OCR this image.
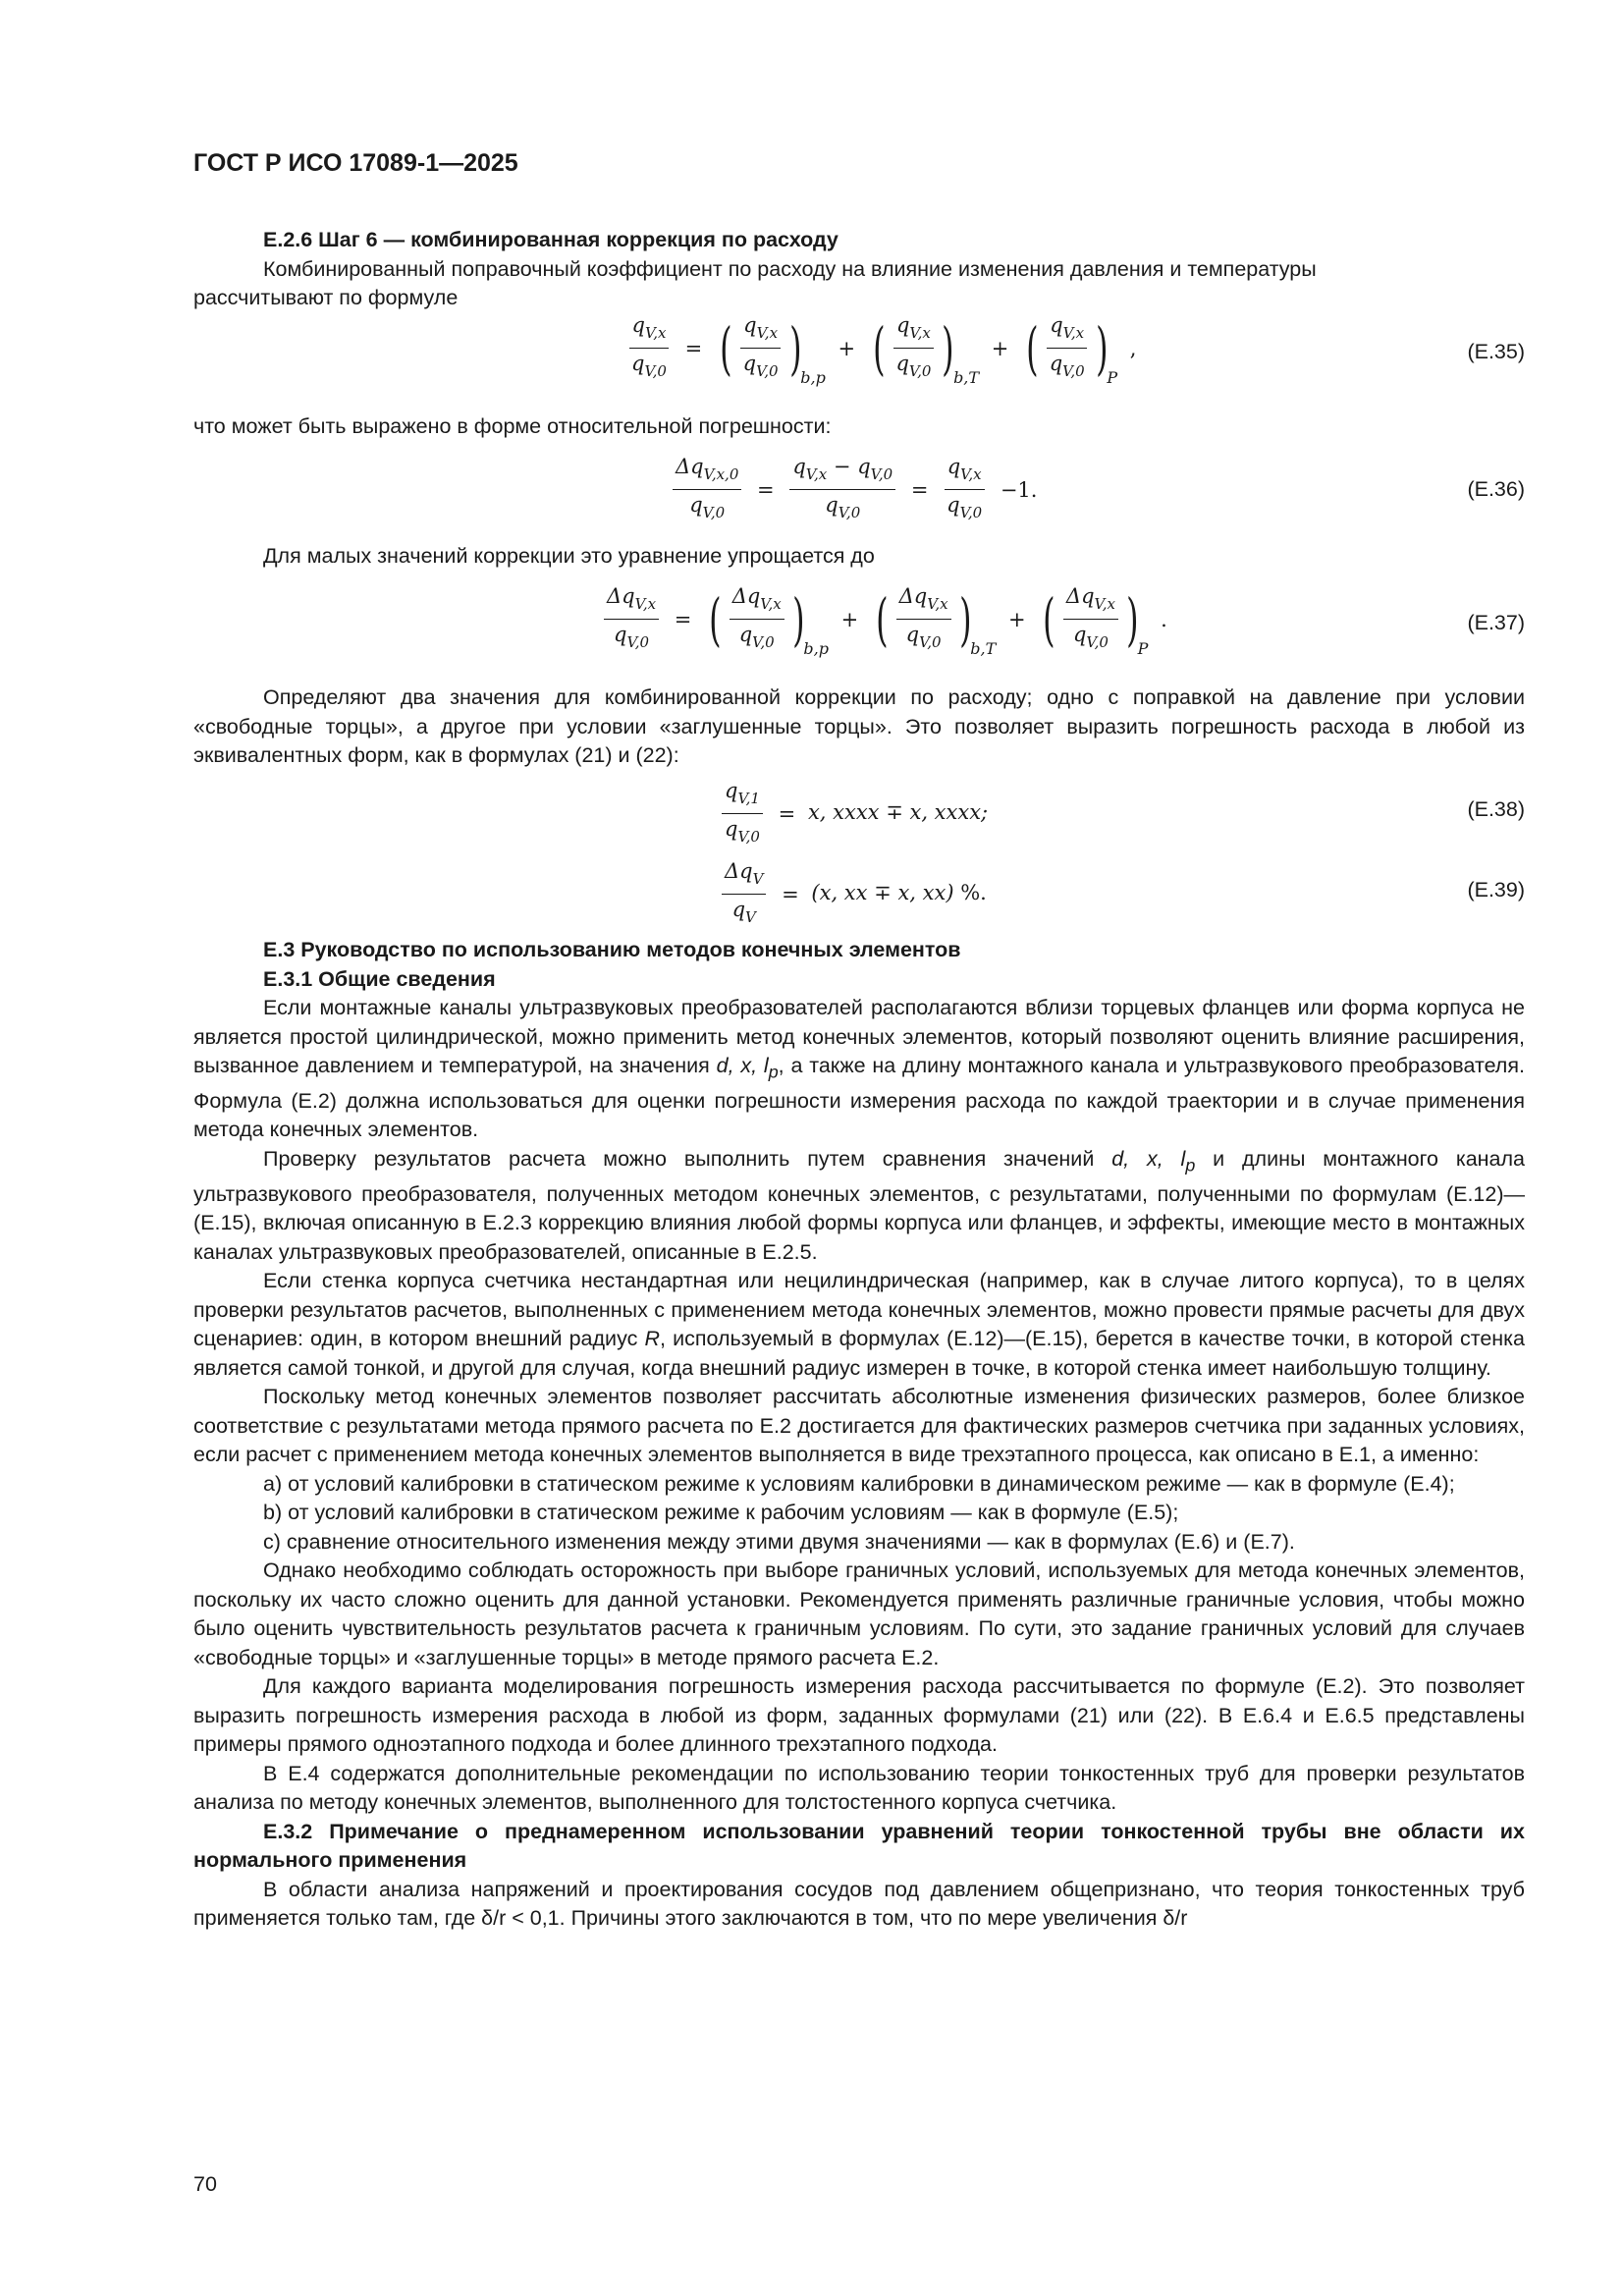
ГОСТ Р ИСО 17089-1—2025

Е.2.6 Шаг 6 — комбинированная коррекция по расходу

Комбинированный поправочный коэффициент по расходу на влияние изменения давления и температуры

рассчитывают по формуле

$\frac{q_{V,x}}{q_{V,0}}$ = ( $\frac{q_{V,x}}{q_{V,0}} )_{b,p}$ + ( $\frac{q_{V,x}}{q_{V,0}} )_{b,T}$ + ( $\frac{q_{V,x}}{q_{V,0}} )_P$ ,	(Е.35)

что может быть выражено в форме относительной погрешности:

$\frac{\Delta q_{V,x,0}}{q_{V,0}} = \frac{q_{V,x} - q_{V,0}}{q_{V,0}} = \frac{q_{V,x}}{q_{V,0}} -1$.	(Е.36)

Для малых значений коррекции это уравнение упрощается до

$\frac{\Delta q_{V,x}}{q_{V,0}}$ = ( $\frac{\Delta q_{V,x}}{q_{V,0}} )_{b,p}$ + ( $\frac{\Delta q_{V,x}}{q_{V,0}} )_{b,T}$ + ( $\frac{\Delta q_{V,x}}{q_{V,0}} )_P$ .	(Е.37)

Определяют два значения для комбинированной коррекции по расходу; одно с поправкой на давление при условии «свободные торцы», а другое при условии «заглушенные торцы». Это позволяет выразить погрешность расхода в любой из эквивалентных форм, как в формулах (21) и (22):

$\frac{q_{V,1}}{q_{V,0}} = x$, xxxx ∓ x, xxxx;	(Е.38)
$\frac{\Delta q_V}{q_V} = (x$, xx ∓ x, xx) %.	(Е.39)

Е.3 Руководство по использованию методов конечных элементов

Е.3.1 Общие сведения

Если монтажные каналы ультразвуковых преобразователей располагаются вблизи торцевых фланцев или форма корпуса не является простой цилиндрической, можно применить метод конечных элементов, который позволяют оценить влияние расширения, вызванное давлением и температурой, на значения d, x, $l_p$, а также на длину монтажного канала и ультразвукового преобразователя. Формула (Е.2) должна использоваться для оценки погрешности измерения расхода по каждой траектории и в случае применения метода конечных элементов.

Проверку результатов расчета можно выполнить путем сравнения значений d, x, $l_p$ и длины монтажного канала ультразвукового преобразователя, полученных методом конечных элементов, с результатами, полученными по формулам (Е.12)—(Е.15), включая описанную в Е.2.3 коррекцию влияния любой формы корпуса или фланцев, и эффекты, имеющие место в монтажных каналах ультразвуковых преобразователей, описанные в Е.2.5.

Если стенка корпуса счетчика нестандартная или нецилиндрическая (например, как в случае литого корпуса), то в целях проверки результатов расчетов, выполненных с применением метода конечных элементов, можно провести прямые расчеты для двух сценариев: один, в котором внешний радиус R, используемый в формулах (Е.12)—(Е.15), берется в качестве точки, в которой стенка является самой тонкой, и другой для случая, когда внешний радиус измерен в точке, в которой стенка имеет наибольшую толщину.

Поскольку метод конечных элементов позволяет рассчитать абсолютные изменения физических размеров, более близкое соответствие с результатами метода прямого расчета по Е.2 достигается для фактических размеров счетчика при заданных условиях, если расчет с применением метода конечных элементов выполняется в виде трехэтапного процесса, как описано в Е.1, а именно:

а) от условий калибровки в статическом режиме к условиям калибровки в динамическом режиме — как в формуле (Е.4);

b) от условий калибровки в статическом режиме к рабочим условиям — как в формуле (Е.5);

c) сравнение относительного изменения между этими двумя значениями — как в формулах (Е.6) и (Е.7).

Однако необходимо соблюдать осторожность при выборе граничных условий, используемых для метода конечных элементов, поскольку их часто сложно оценить для данной установки. Рекомендуется применять различные граничные условия, чтобы можно было оценить чувствительность результатов расчета к граничным условиям. По сути, это задание граничных условий для случаев «свободные торцы» и «заглушенные торцы» в методе прямого расчета Е.2.

Для каждого варианта моделирования погрешность измерения расхода рассчитывается по формуле (Е.2). Это позволяет выразить погрешность измерения расхода в любой из форм, заданных формулами (21) или (22). В Е.6.4 и Е.6.5 представлены примеры прямого одноэтапного подхода и более длинного трехэтапного подхода.

В Е.4 содержатся дополнительные рекомендации по использованию теории тонкостенных труб для проверки результатов анализа по методу конечных элементов, выполненного для толстостенного корпуса счетчика.

Е.3.2 Примечание о преднамеренном использовании уравнений теории тонкостенной трубы вне области их нормального применения

В области анализа напряжений и проектирования сосудов под давлением общепризнано, что теория тонкостенных труб применяется только там, где δ/r < 0,1. Причины этого заключаются в том, что по мере увеличения δ/r

70
